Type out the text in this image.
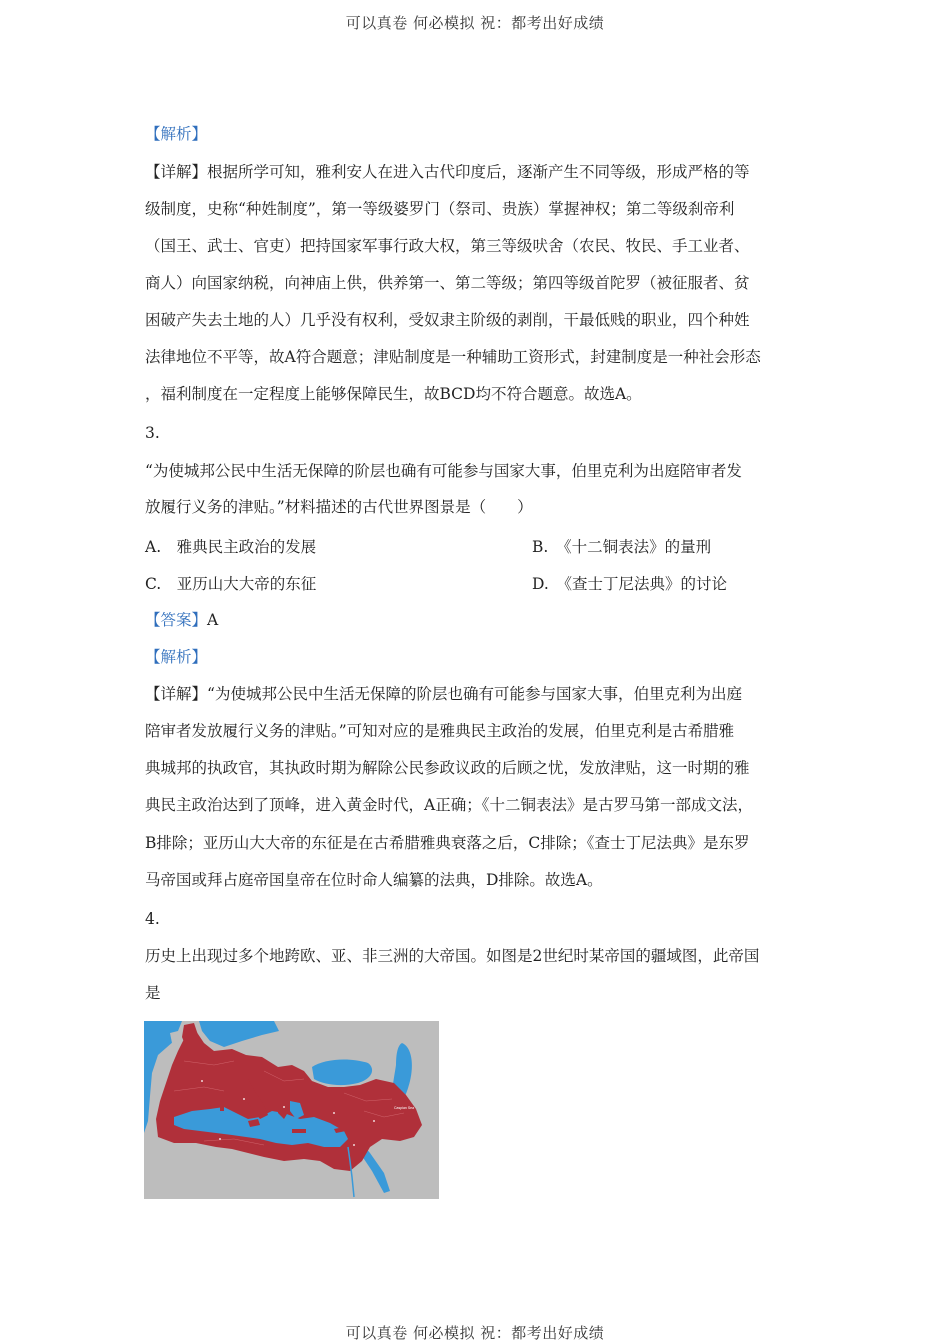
可以真卷 何必模拟 祝：都考出好成绩
【解析】
【详解】根据所学可知，雅利安人在进入古代印度后，逐渐产生不同等级，形成严格的等
级制度，史称“种姓制度”，第一等级婆罗门（祭司、贵族）掌握神权；第二等级刹帝利
（国王、武士、官吏）把持国家军事行政大权，第三等级吠舍（农民、牧民、手工业者、
商人）向国家纳税，向神庙上供，供养第一、第二等级；第四等级首陀罗（被征服者、贫
困破产失去土地的人）几乎没有权利，受奴隶主阶级的剥削，干最低贱的职业，四个种姓
法律地位不平等，故A符合题意；津贴制度是一种辅助工资形式，封建制度是一种社会形态
，福利制度在一定程度上能够保障民生，故BCD均不符合题意。故选A。
3.
“为使城邦公民中生活无保障的阶层也确有可能参与国家大事，伯里克利为出庭陪审者发
放履行义务的津贴。”材料描述的古代世界图景是（　　）
A.　雅典民主政治的发展	B.　《十二铜表法》的量刑
C.　亚历山大大帝的东征	D.　《查士丁尼法典》的讨论
【答案】A
【解析】
【详解】“为使城邦公民中生活无保障的阶层也确有可能参与国家大事，伯里克利为出庭
陪审者发放履行义务的津贴。”可知对应的是雅典民主政治的发展，伯里克利是古希腊雅
典城邦的执政官，其执政时期为解除公民参政议政的后顾之忧，发放津贴，这一时期的雅
典民主政治达到了顶峰，进入黄金时代，A正确；《十二铜表法》是古罗马第一部成文法，
B排除；亚历山大大帝的东征是在古希腊雅典衰落之后，C排除；《查士丁尼法典》是东罗
马帝国或拜占庭帝国皇帝在位时命人编纂的法典，D排除。故选A。
4.
历史上出现过多个地跨欧、亚、非三洲的大帝国。如图是2世纪时某帝国的疆域图，此帝国
是
Caspian Sea
可以真卷 何必模拟 祝：都考出好成绩
